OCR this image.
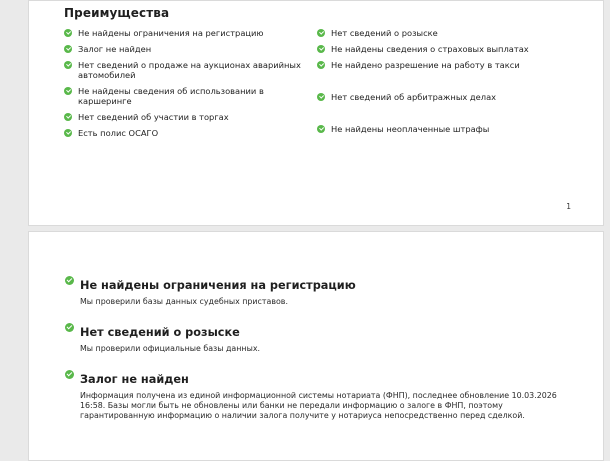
Преимущества
Не найдены ограничения на регистрацию
Залог не найден
Нет сведений о продаже на аукционах аварийных автомобилей
Не найдены сведения об использовании в каршеринге
Нет сведений об участии в торгах
Есть полис ОСАГО
Нет сведений о розыске
Не найдены сведения о страховых выплатах
Не найдено разрешение на работу в такси
Нет сведений об арбитражных делах
Не найдены неоплаченные штрафы
1
Не найдены ограничения на регистрацию
Мы проверили базы данных судебных приставов.
Нет сведений о розыске
Мы проверили официальные базы данных.
Залог не найден
Информация получена из единой информационной системы нотариата (ФНП), последнее обновление 10.03.2026 16:58. Базы могли быть не обновлены или банки не передали информацию о залоге в ФНП, поэтому гарантированную информацию о наличии залога получите у нотариуса непосредственно перед сделкой.
